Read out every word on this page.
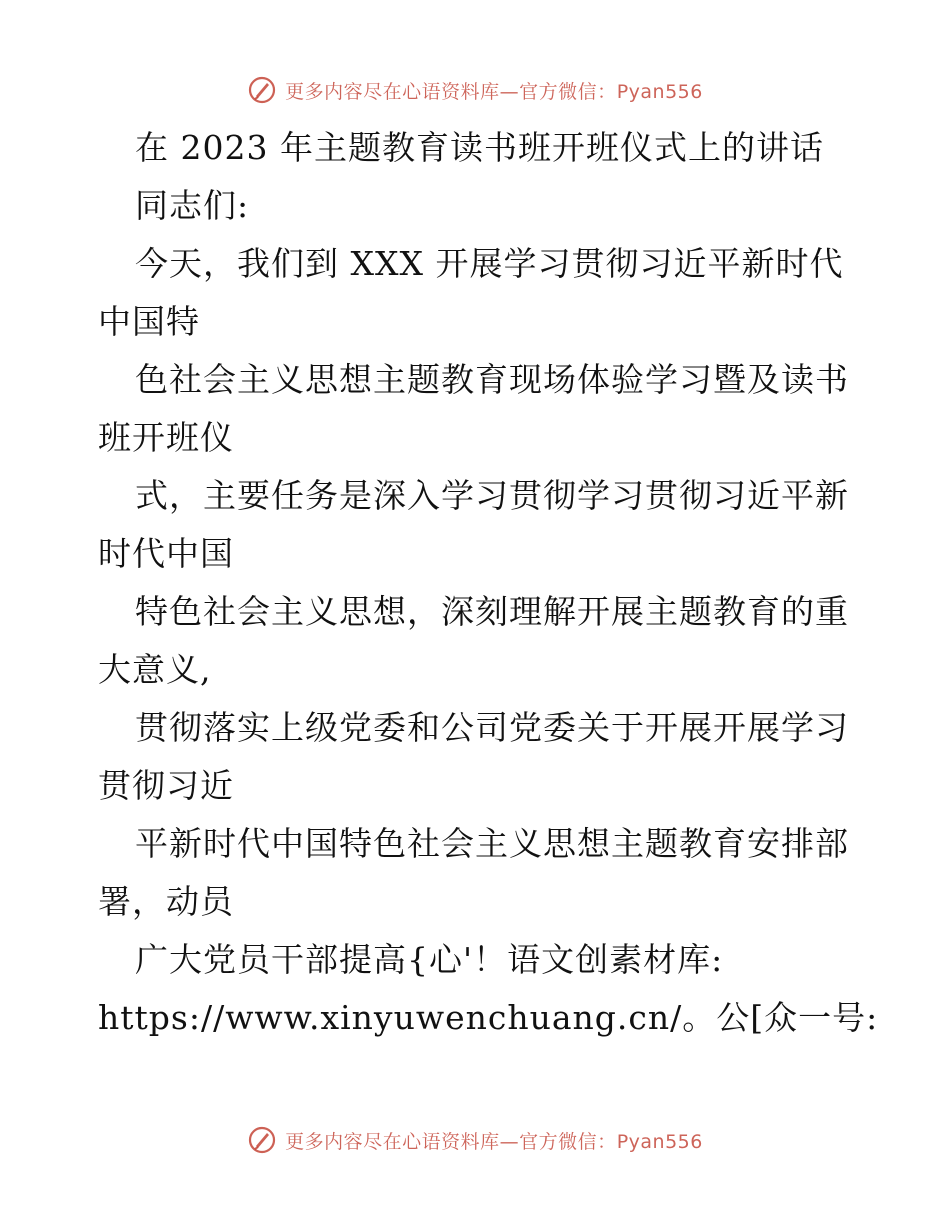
更多内容尽在心语资料库—官方微信：Pyan556
在 2023 年主题教育读书班开班仪式上的讲话
同志们:
今天，我们到 XXX 开展学习贯彻习近平新时代
中国特
色社会主义思想主题教育现场体验学习暨及读书
班开班仪
式，主要任务是深入学习贯彻学习贯彻习近平新
时代中国
特色社会主义思想，深刻理解开展主题教育的重
大意义,
贯彻落实上级党委和公司党委关于开展开展学习
贯彻习近
平新时代中国特色社会主义思想主题教育安排部
署，动员
广大党员干部提高{心'！语文创素材库:
https://www.xinyuwenchuang.cn/。公[众一号:
更多内容尽在心语资料库—官方微信：Pyan556
